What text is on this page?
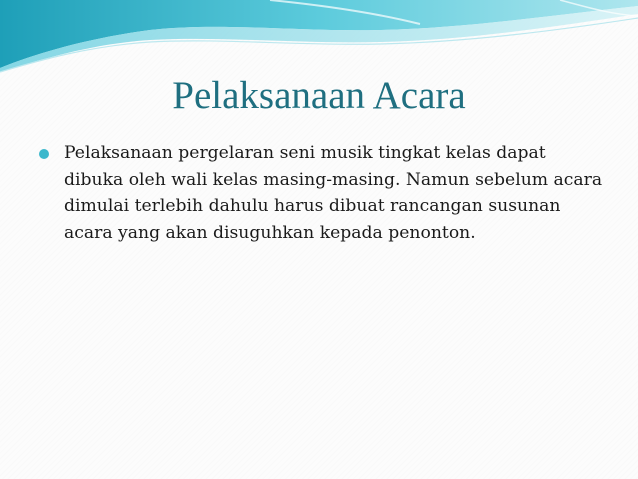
Pelaksanaan Acara

Pelaksanaan pergelaran seni musik tingkat kelas dapat dibuka oleh wali kelas masing-masing. Namun sebelum acara dimulai terlebih dahulu harus dibuat rancangan susunan acara yang akan disuguhkan kepada penonton.
